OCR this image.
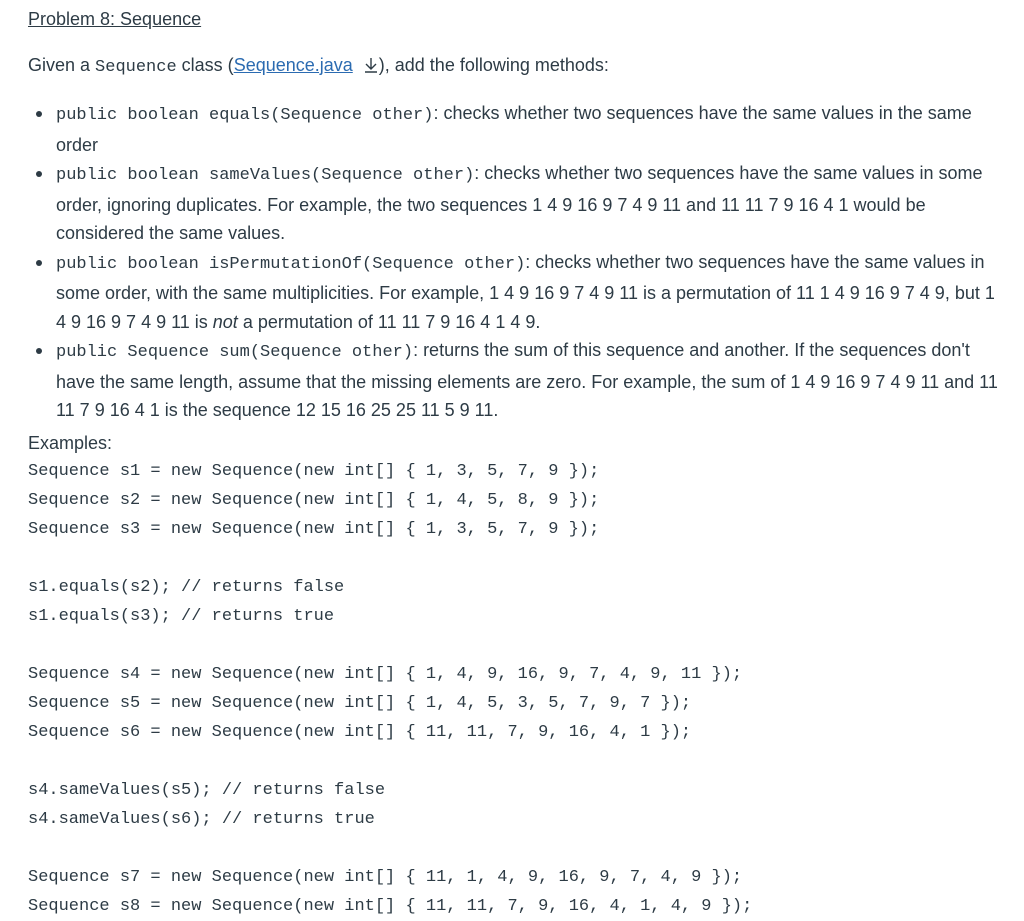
Problem 8: Sequence
Given a Sequence class (Sequence.java ), add the following methods:
public boolean equals(Sequence other): checks whether two sequences have the same values in the same order
public boolean sameValues(Sequence other): checks whether two sequences have the same values in some order, ignoring duplicates. For example, the two sequences 1 4 9 16 9 7 4 9 11 and 11 11 7 9 16 4 1 would be considered the same values.
public boolean isPermutationOf(Sequence other): checks whether two sequences have the same values in some order, with the same multiplicities. For example, 1 4 9 16 9 7 4 9 11 is a permutation of 11 1 4 9 16 9 7 4 9, but 1 4 9 16 9 7 4 9 11 is not a permutation of 11 11 7 9 16 4 1 4 9.
public Sequence sum(Sequence other): returns the sum of this sequence and another. If the sequences don't have the same length, assume that the missing elements are zero. For example, the sum of 1 4 9 16 9 7 4 9 11 and 11 11 7 9 16 4 1 is the sequence 12 15 16 25 25 11 5 9 11.
Examples:
Sequence s1 = new Sequence(new int[] { 1, 3, 5, 7, 9 });
Sequence s2 = new Sequence(new int[] { 1, 4, 5, 8, 9 });
Sequence s3 = new Sequence(new int[] { 1, 3, 5, 7, 9 });
s1.equals(s2); // returns false
s1.equals(s3); // returns true
Sequence s4 = new Sequence(new int[] { 1, 4, 9, 16, 9, 7, 4, 9, 11 });
Sequence s5 = new Sequence(new int[] { 1, 4, 5, 3, 5, 7, 9, 7 });
Sequence s6 = new Sequence(new int[] { 11, 11, 7, 9, 16, 4, 1 });
s4.sameValues(s5); // returns false
s4.sameValues(s6); // returns true
Sequence s7 = new Sequence(new int[] { 11, 1, 4, 9, 16, 9, 7, 4, 9 });
Sequence s8 = new Sequence(new int[] { 11, 11, 7, 9, 16, 4, 1, 4, 9 });
